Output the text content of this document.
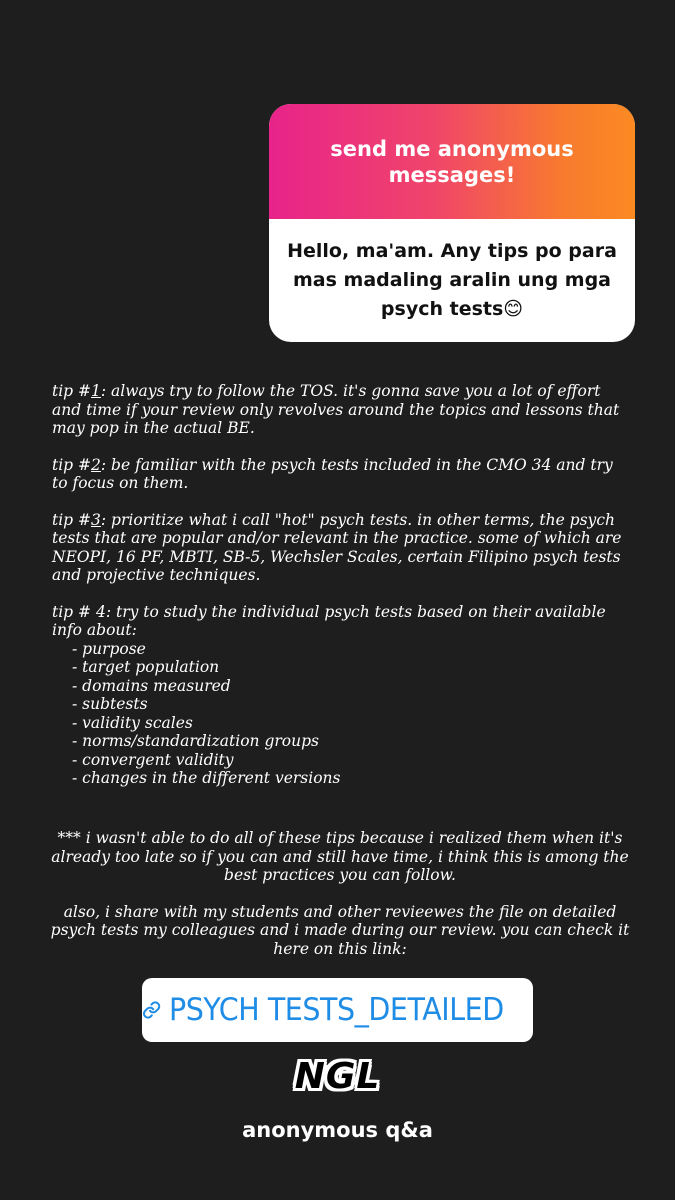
send me anonymous messages!
Hello, ma'am. Any tips po para mas madaling aralin ung mga psych tests😊

tip #1: always try to follow the TOS. it's gonna save you a lot of effort and time if your review only revolves around the topics and lessons that may pop in the actual BE.

tip #2: be familiar with the psych tests included in the CMO 34 and try to focus on them.

tip #3: prioritize what i call "hot" psych tests. in other terms, the psych tests that are popular and/or relevant in the practice. some of which are NEOPI, 16 PF, MBTI, SB-5, Wechsler Scales, certain Filipino psych tests and projective techniques.

tip # 4: try to study the individual psych tests based on their available info about:
- purpose
- target population
- domains measured
- subtests
- validity scales
- norms/standardization groups
- convergent validity
- changes in the different versions

*** i wasn't able to do all of these tips because i realized them when it's already too late so if you can and still have time, i think this is among the best practices you can follow.

also, i share with my students and other revieewes the file on detailed psych tests my colleagues and i made during our review. you can check it here on this link:

PSYCH TESTS_DETAILED
NGL
anonymous q&a
